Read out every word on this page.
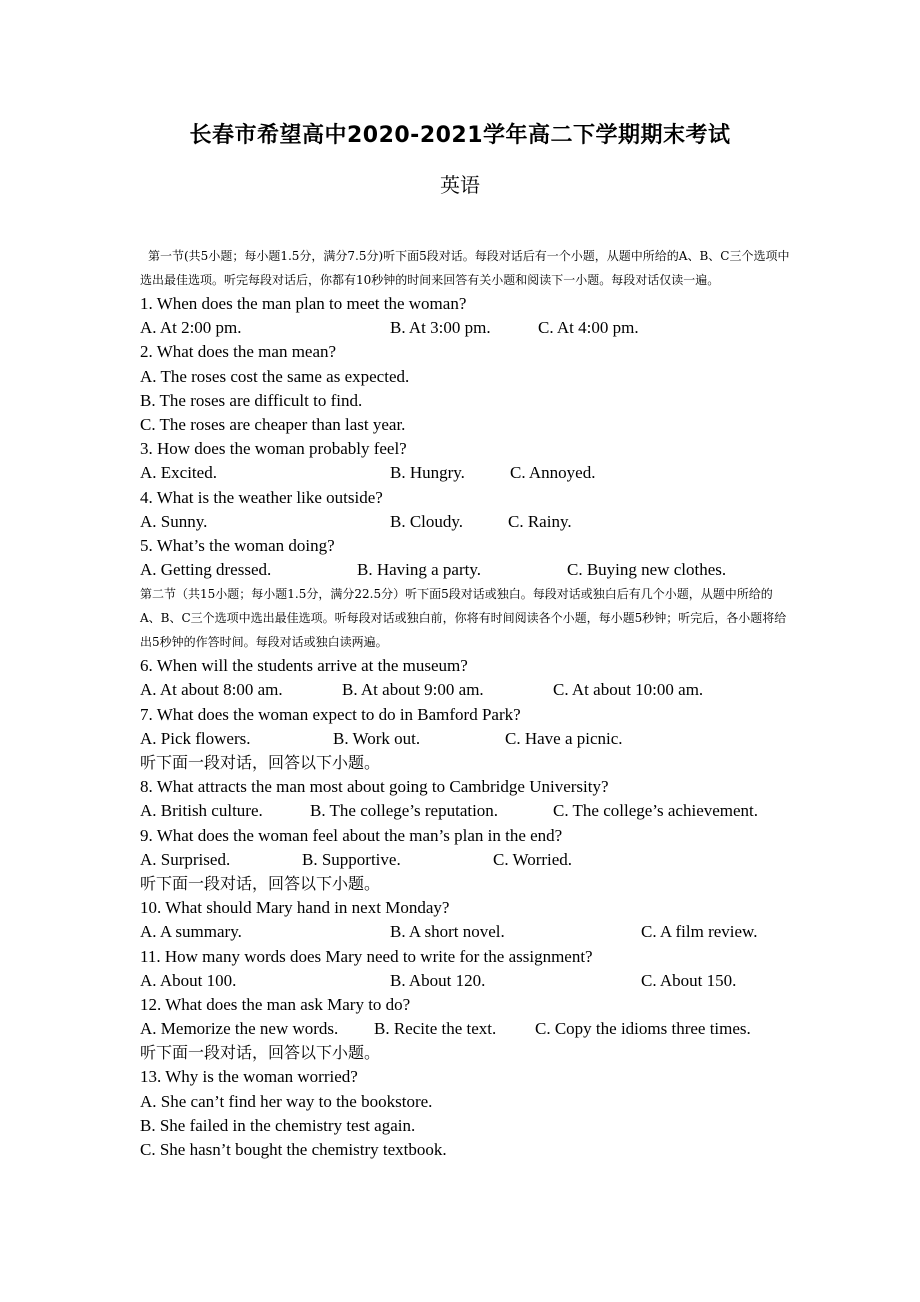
长春市希望高中2020-2021学年高二下学期期末考试
英语
第一节(共5小题；每小题1.5分，满分7.5分)听下面5段对话。每段对话后有一个小题，从题中所给的A、B、C三个选项中选出最佳选项。听完每段对话后，你都有10秒钟的时间来回答有关小题和阅读下一小题。每段对话仅读一遍。
1. When does the man plan to meet the woman?
A. At 2:00 pm.	B. At 3:00 pm.	C. At 4:00 pm.
2. What does the man mean?
A. The roses cost the same as expected.
B. The roses are difficult to find.
C. The roses are cheaper than last year.
3. How does the woman probably feel?
A. Excited.	B. Hungry.	C. Annoyed.
4. What is the weather like outside?
A. Sunny.	B. Cloudy.	C. Rainy.
5. What’s the woman doing?
A. Getting dressed.	B. Having a party.	C. Buying new clothes.
第二节（共15小题；每小题1.5分，满分22.5分）听下面5段对话或独白。每段对话或独白后有几个小题，从题中所给的A、B、C三个选项中选出最佳选项。听每段对话或独白前，你将有时间阅读各个小题，每小题5秒钟；听完后，各小题将给出5秒钟的作答时间。每段对话或独白读两遍。
6. When will the students arrive at the museum?
A. At about 8:00 am.	B. At about 9:00 am.	C. At about 10:00 am.
7. What does the woman expect to do in Bamford Park?
A. Pick flowers.	B. Work out.	C. Have a picnic.
听下面一段对话，回答以下小题。
8. What attracts the man most about going to Cambridge University?
A. British culture.	B. The college’s reputation.	C. The college’s achievement.
9. What does the woman feel about the man’s plan in the end?
A. Surprised.	B. Supportive.	C. Worried.
听下面一段对话，回答以下小题。
10. What should Mary hand in next Monday?
A. A summary.	B. A short novel.	C. A film review.
11. How many words does Mary need to write for the assignment?
A. About 100.	B. About 120.	C. About 150.
12. What does the man ask Mary to do?
A. Memorize the new words. B. Recite the text. C. Copy the idioms three times.
听下面一段对话，回答以下小题。
13. Why is the woman worried?
A. She can’t find her way to the bookstore.
B. She failed in the chemistry test again.
C. She hasn’t bought the chemistry textbook.
